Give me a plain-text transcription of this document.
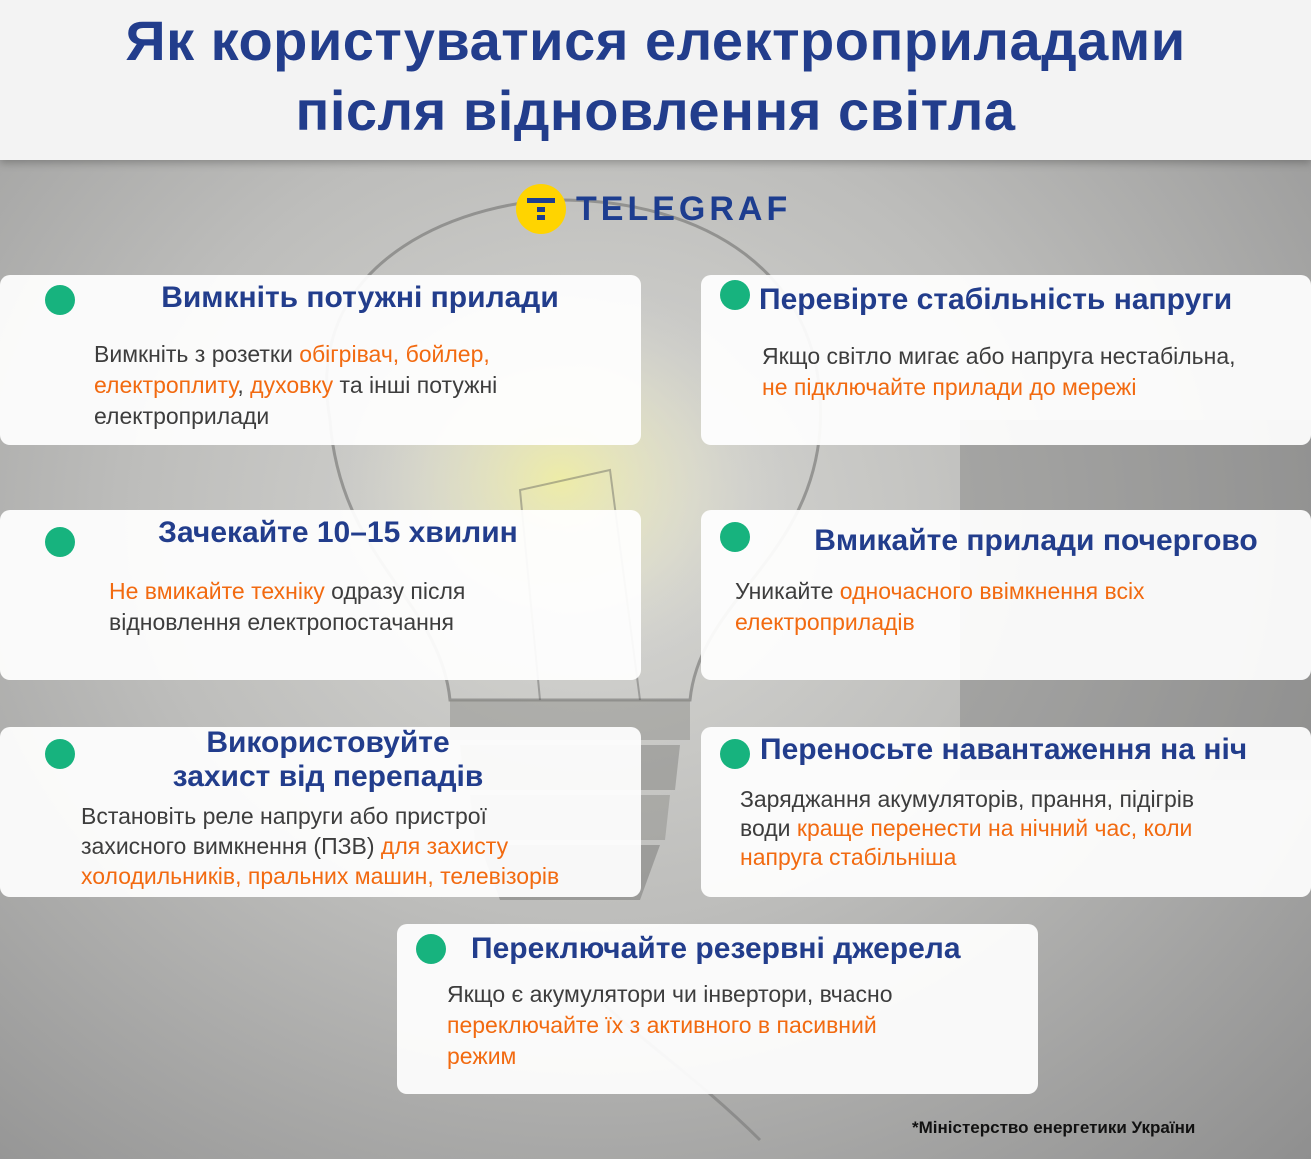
Як користуватися електроприладами
після відновлення світла
TELEGRAF
Вимкніть потужні прилади
Вимкніть з розетки обігрівач, бойлер,
електроплиту, духовку та інші потужні
електроприлади
Перевірте стабільність напруги
Якщо світло мигає або напруга нестабільна,
не підключайте прилади до мережі
Зачекайте 10–15 хвилин
Не вмикайте техніку одразу після
відновлення електропостачання
Вмикайте прилади почергово
Уникайте одночасного ввімкнення всіх
електроприладів
Використовуйте
захист від перепадів
Встановіть реле напруги або пристрої
захисного вимкнення (ПЗВ) для захисту
холодильників, пральних машин, телевізорів
Переносьте навантаження на ніч
Заряджання акумуляторів, прання, підігрів
води краще перенести на нічний час, коли
напруга стабільніша
Переключайте резервні джерела
Якщо є акумулятори чи інвертори, вчасно
переключайте їх з активного в пасивний
режим
*Міністерство енергетики України
